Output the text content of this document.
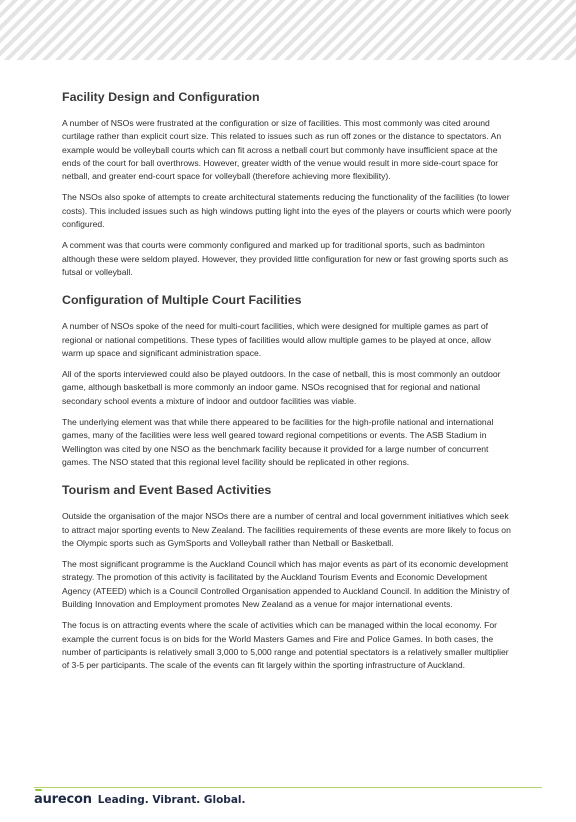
Facility Design and Configuration

A number of NSOs were frustrated at the configuration or size of facilities. This most commonly was cited around curtilage rather than explicit court size. This related to issues such as run off zones or the distance to spectators. An example would be volleyball courts which can fit across a netball court but commonly have insufficient space at the ends of the court for ball overthrows. However, greater width of the venue would result in more side-court space for netball, and greater end-court space for volleyball (therefore achieving more flexibility).

The NSOs also spoke of attempts to create architectural statements reducing the functionality of the facilities (to lower costs). This included issues such as high windows putting light into the eyes of the players or courts which were poorly configured.

A comment was that courts were commonly configured and marked up for traditional sports, such as badminton although these were seldom played. However, they provided little configuration for new or fast growing sports such as futsal or volleyball.

Configuration of Multiple Court Facilities

A number of NSOs spoke of the need for multi-court facilities, which were designed for multiple games as part of regional or national competitions. These types of facilities would allow multiple games to be played at once, allow warm up space and significant administration space.

All of the sports interviewed could also be played outdoors. In the case of netball, this is most commonly an outdoor game, although basketball is more commonly an indoor game. NSOs recognised that for regional and national secondary school events a mixture of indoor and outdoor facilities was viable.

The underlying element was that while there appeared to be facilities for the high-profile national and international games, many of the facilities were less well geared toward regional competitions or events. The ASB Stadium in Wellington was cited by one NSO as the benchmark facility because it provided for a large number of concurrent games. The NSO stated that this regional level facility should be replicated in other regions.

Tourism and Event Based Activities

Outside the organisation of the major NSOs there are a number of central and local government initiatives which seek to attract major sporting events to New Zealand. The facilities requirements of these events are more likely to focus on the Olympic sports such as GymSports and Volleyball rather than Netball or Basketball.

The most significant programme is the Auckland Council which has major events as part of its economic development strategy. The promotion of this activity is facilitated by the Auckland Tourism Events and Economic Development Agency (ATEED) which is a Council Controlled Organisation appended to Auckland Council. In addition the Ministry of Building Innovation and Employment promotes New Zealand as a venue for major international events.

The focus is on attracting events where the scale of activities which can be managed within the local economy. For example the current focus is on bids for the World Masters Games and Fire and Police Games. In both cases, the number of participants is relatively small 3,000 to 5,000 range and potential spectators is a relatively smaller multiplier of 3-5 per participants. The scale of the events can fit largely within the sporting infrastructure of Auckland.

aurecon Leading. Vibrant. Global.
